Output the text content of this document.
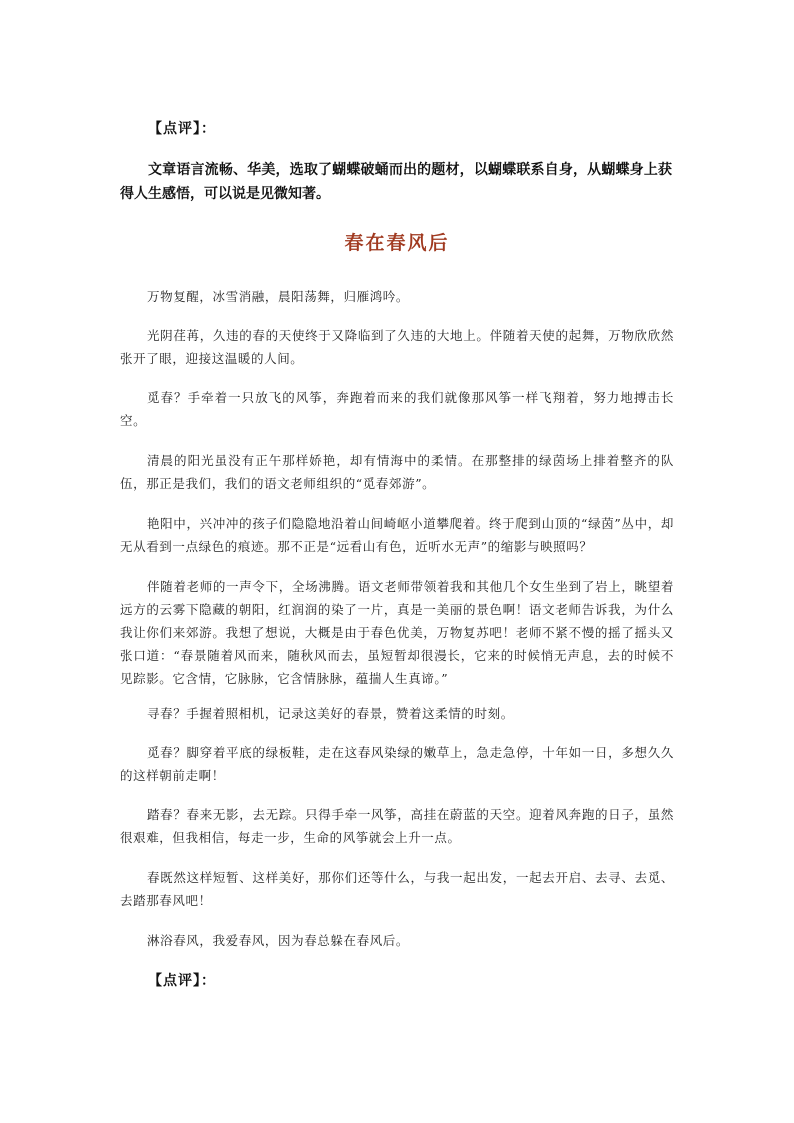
【点评】：
文章语言流畅、华美，选取了蝴蝶破蛹而出的题材，以蝴蝶联系自身，从蝴蝶身上获得人生感悟，可以说是见微知著。
春在春风后
万物复醒，冰雪消融，晨阳荡舞，归雁鸿吟。
光阴荏苒，久违的春的天使终于又降临到了久违的大地上。伴随着天使的起舞，万物欣欣然张开了眼，迎接这温暖的人间。
觅春？手牵着一只放飞的风筝，奔跑着而来的我们就像那风筝一样飞翔着，努力地搏击长空。
清晨的阳光虽没有正午那样娇艳，却有情海中的柔情。在那整排的绿茵场上排着整齐的队伍，那正是我们，我们的语文老师组织的“觅春郊游”。
艳阳中，兴冲冲的孩子们隐隐地沿着山间崎岖小道攀爬着。终于爬到山顶的“绿茵”丛中，却无从看到一点绿色的痕迹。那不正是“远看山有色，近听水无声”的缩影与映照吗？
伴随着老师的一声令下，全场沸腾。语文老师带领着我和其他几个女生坐到了岩上，眺望着远方的云雾下隐藏的朝阳，红润润的染了一片，真是一美丽的景色啊！语文老师告诉我，为什么我让你们来郊游。我想了想说，大概是由于春色优美，万物复苏吧！老师不紧不慢的摇了摇头又张口道：“春景随着风而来，随秋风而去，虽短暂却很漫长，它来的时候悄无声息，去的时候不见踪影。它含情，它脉脉，它含情脉脉，蕴揣人生真谛。”
寻春？手握着照相机，记录这美好的春景，赞着这柔情的时刻。
觅春？脚穿着平底的绿板鞋，走在这春风染绿的嫩草上，急走急停，十年如一日，多想久久的这样朝前走啊！
踏春？春来无影，去无踪。只得手牵一风筝，高挂在蔚蓝的天空。迎着风奔跑的日子，虽然很艰难，但我相信，每走一步，生命的风筝就会上升一点。
春既然这样短暂、这样美好，那你们还等什么，与我一起出发，一起去开启、去寻、去觅、去踏那春风吧！
淋浴春风，我爱春风，因为春总躲在春风后。
【点评】：
